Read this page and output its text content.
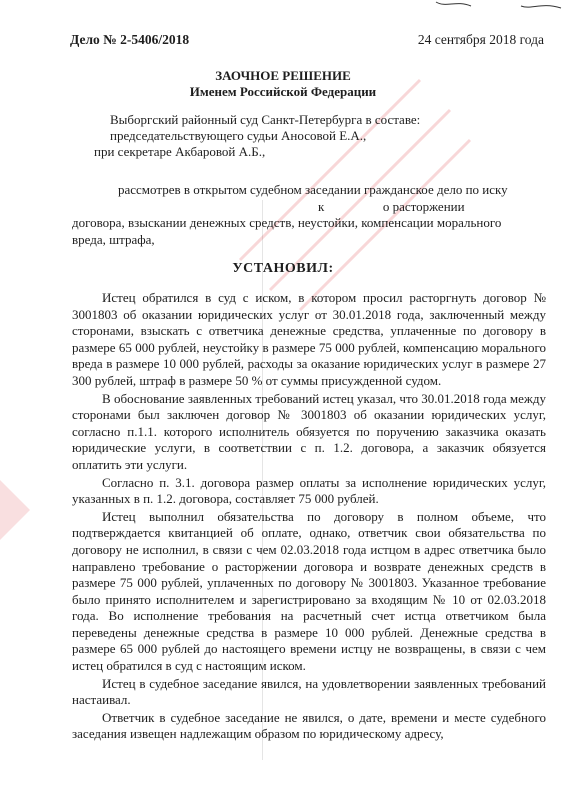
Дело № 2-5406/2018	24 сентября 2018 года
ЗАОЧНОЕ РЕШЕНИЕ
Именем Российской Федерации
Выборгский районный суд Санкт-Петербурга в составе:
председательствующего судьи Аносовой Е.А.,
при секретаре Акбаровой А.Б.,
рассмотрев в открытом судебном заседании гражданское дело по иску
к                  о расторжении
договора, взыскании денежных средств, неустойки, компенсации морального
вреда, штрафа,
УСТАНОВИЛ:

Истец обратился в суд с иском, в котором просил расторгнуть договор № 3001803 об оказании юридических услуг от 30.01.2018 года, заключенный между сторонами, взыскать с ответчика денежные средства, уплаченные по договору в размере 65 000 рублей, неустойку в размере 75 000 рублей, компенсацию морального вреда в размере 10 000 рублей, расходы за оказание юридических услуг в размере 27 300 рублей, штраф в размере 50 % от суммы присужденной судом.

В обоснование заявленных требований истец указал, что 30.01.2018 года между сторонами был заключен договор № 3001803 об оказании юридических услуг, согласно п.1.1. которого исполнитель обязуется по поручению заказчика оказать юридические услуги, в соответствии с п. 1.2. договора, а заказчик обязуется оплатить эти услуги.

Согласно п. 3.1. договора размер оплаты за исполнение юридических услуг, указанных в п. 1.2. договора, составляет 75 000 рублей.

Истец выполнил обязательства по договору в полном объеме, что подтверждается квитанцией об оплате, однако, ответчик свои обязательства по договору не исполнил, в связи с чем 02.03.2018 года истцом в адрес ответчика было направлено требование о расторжении договора и возврате денежных средств в размере 75 000 рублей, уплаченных по договору № 3001803. Указанное требование было принято исполнителем и зарегистрировано за входящим № 10 от 02.03.2018 года. Во исполнение требования на расчетный счет истца ответчиком была переведены денежные средства в размере 10 000 рублей. Денежные средства в размере 65 000 рублей до настоящего времени истцу не возвращены, в связи с чем истец обратился в суд с настоящим иском.

Истец в судебное заседание явился, на удовлетворении заявленных требований настаивал.

Ответчик в судебное заседание не явился, о дате, времени и месте судебного заседания извещен надлежащим образом по юридическому адресу,
